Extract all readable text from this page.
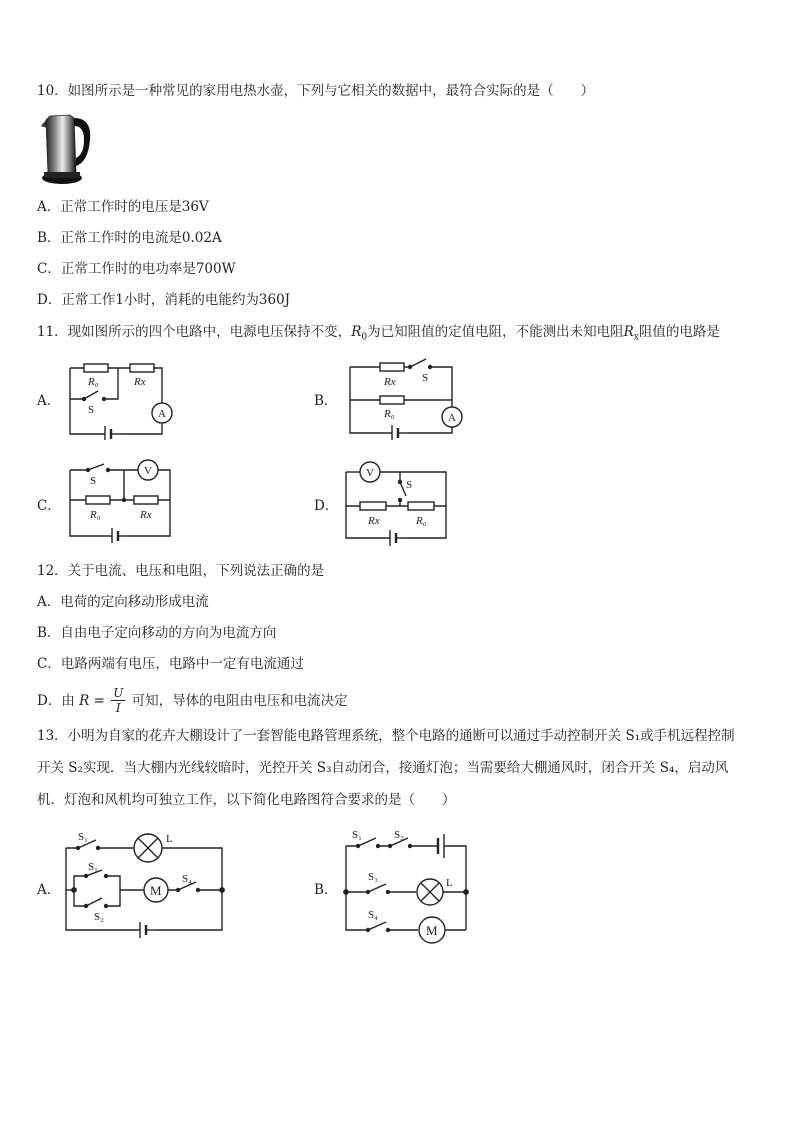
10．如图所示是一种常见的家用电热水壶，下列与它相关的数据中，最符合实际的是（　　）
A．正常工作时的电压是36V
B．正常工作时的电流是0.02A
C．正常工作时的电功率是700W
D．正常工作1小时，消耗的电能约为360J
11．现如图所示的四个电路中，电源电压保持不变，$R_0$为已知阻值的定值电阻，不能测出未知电阻$R_x$阻值的电路是
A．	B．
C．	D．
A
R₀	Rx
S
A
Rx
R₀
S
V
S
R₀	Rx
V
S
Rx	R₀
12．关于电流、电压和电阻，下列说法正确的是
A．电荷的定向移动形成电流
B．自由电子定向移动的方向为电流方向
C．电路两端有电压，电路中一定有电流通过
D．由 $R = \frac{U}{I}$ 可知，导体的电阻由电压和电流决定
13．小明为自家的花卉大棚设计了一套智能电路管理系统，整个电路的通断可以通过手动控制开关 S₁或手机远程控制
开关 S₂实现．当大棚内光线较暗时，光控开关 S₃自动闭合，接通灯泡；当需要给大棚通风时，闭合开关 S₄，启动风
机．灯泡和风机均可独立工作，以下简化电路图符合要求的是（　　）
A．	B．
S₁	L
S₁
S₂
M
S₄
S₁	S₂
S₃	L
S₄
M
